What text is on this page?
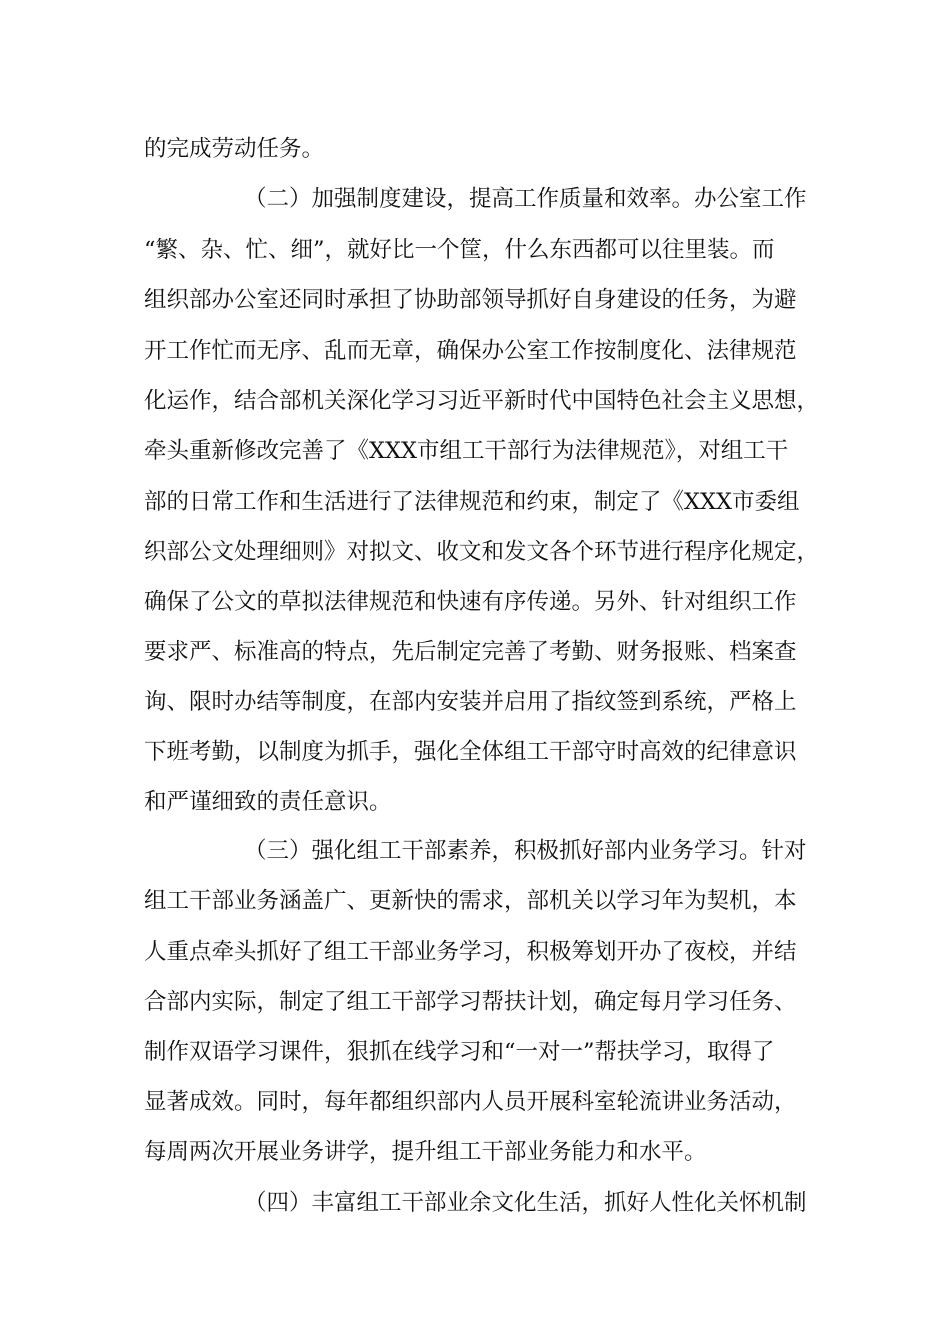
的完成劳动任务。
（二）加强制度建设，提高工作质量和效率。办公室工作
“繁、杂、忙、细”，就好比一个筐，什么东西都可以往里装。而
组织部办公室还同时承担了协助部领导抓好自身建设的任务，为避
开工作忙而无序、乱而无章，确保办公室工作按制度化、法律规范
化运作，结合部机关深化学习习近平新时代中国特色社会主义思想，
牵头重新修改完善了《XXX市组工干部行为法律规范》，对组工干
部的日常工作和生活进行了法律规范和约束，制定了《XXX市委组
织部公文处理细则》对拟文、收文和发文各个环节进行程序化规定，
确保了公文的草拟法律规范和快速有序传递。另外、针对组织工作
要求严、标准高的特点，先后制定完善了考勤、财务报账、档案查
询、限时办结等制度，在部内安装并启用了指纹签到系统，严格上
下班考勤，以制度为抓手，强化全体组工干部守时高效的纪律意识
和严谨细致的责任意识。
（三）强化组工干部素养，积极抓好部内业务学习。针对
组工干部业务涵盖广、更新快的需求，部机关以学习年为契机，本
人重点牵头抓好了组工干部业务学习，积极筹划开办了夜校，并结
合部内实际，制定了组工干部学习帮扶计划，确定每月学习任务、
制作双语学习课件，狠抓在线学习和“一对一”帮扶学习，取得了
显著成效。同时，每年都组织部内人员开展科室轮流讲业务活动，
每周两次开展业务讲学，提升组工干部业务能力和水平。
（四）丰富组工干部业余文化生活，抓好人性化关怀机制
